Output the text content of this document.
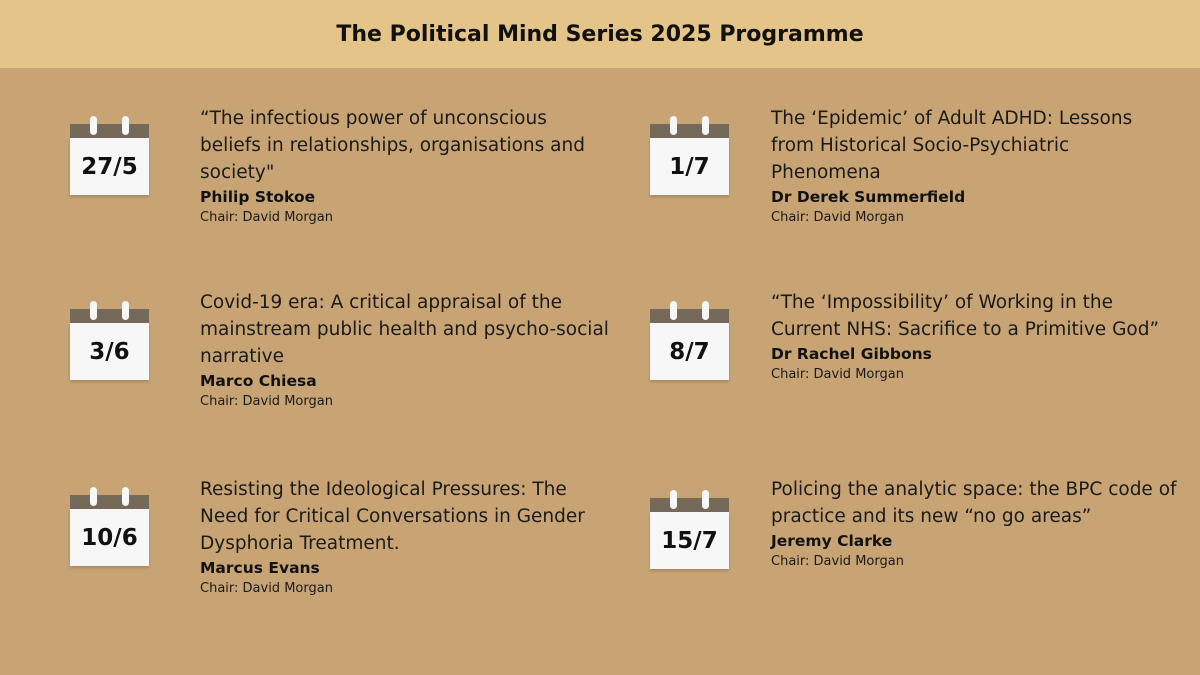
The Political Mind Series 2025 Programme
27/5
“The infectious power of unconscious beliefs in relationships, organisations and society"
Philip Stokoe
Chair: David Morgan
1/7
The ‘Epidemic’ of Adult ADHD: Lessons from Historical Socio-Psychiatric Phenomena
Dr Derek Summerfield
Chair: David Morgan
3/6
Covid-19 era: A critical appraisal of the mainstream public health and psycho-social narrative
Marco Chiesa
Chair: David Morgan
8/7
“The ‘Impossibility’ of Working in the Current NHS: Sacrifice to a Primitive God”
Dr Rachel Gibbons
Chair: David Morgan
10/6
Resisting the Ideological Pressures: The Need for Critical Conversations in Gender Dysphoria Treatment.
Marcus Evans
Chair: David Morgan
15/7
Policing the analytic space: the BPC code of practice and its new “no go areas”
Jeremy Clarke
Chair: David Morgan
